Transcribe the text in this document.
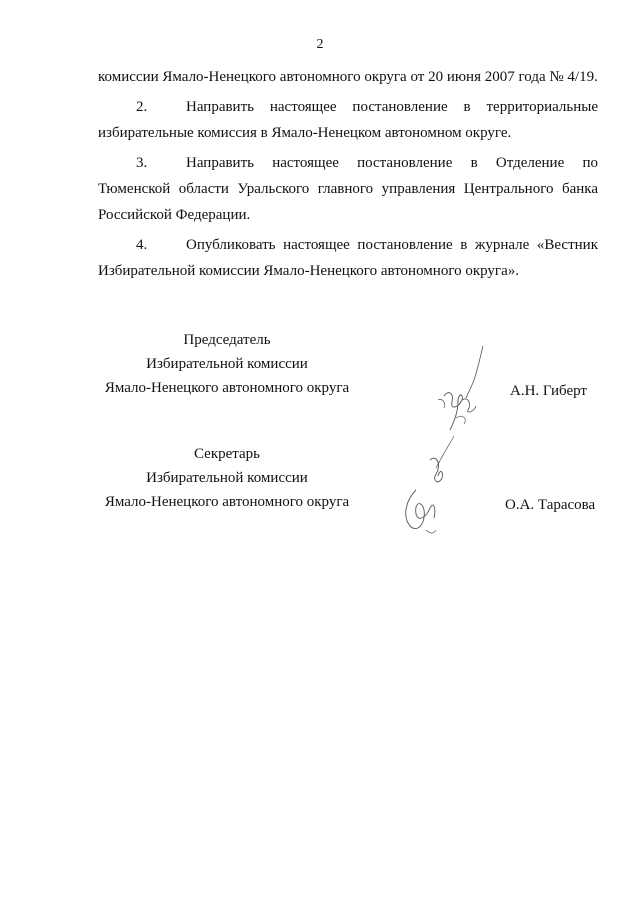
2

комиссии Ямало-Ненецкого автономного округа от 20 июня 2007 года № 4/19.

2.	Направить настоящее постановление в территориальные избирательные комиссия в Ямало-Ненецком автономном округе.

3.	Направить настоящее постановление в Отделение по Тюменской области Уральского главного управления Центрального банка Российской Федерации.

4.	Опубликовать настоящее постановление в журнале «Вестник Избирательной комиссии Ямало-Ненецкого автономного округа».

Председатель
Избирательной комиссии
Ямало-Ненецкого автономного округа	А.Н. Гиберт
Секретарь
Избирательной комиссии
Ямало-Ненецкого автономного округа	О.А. Тарасова
